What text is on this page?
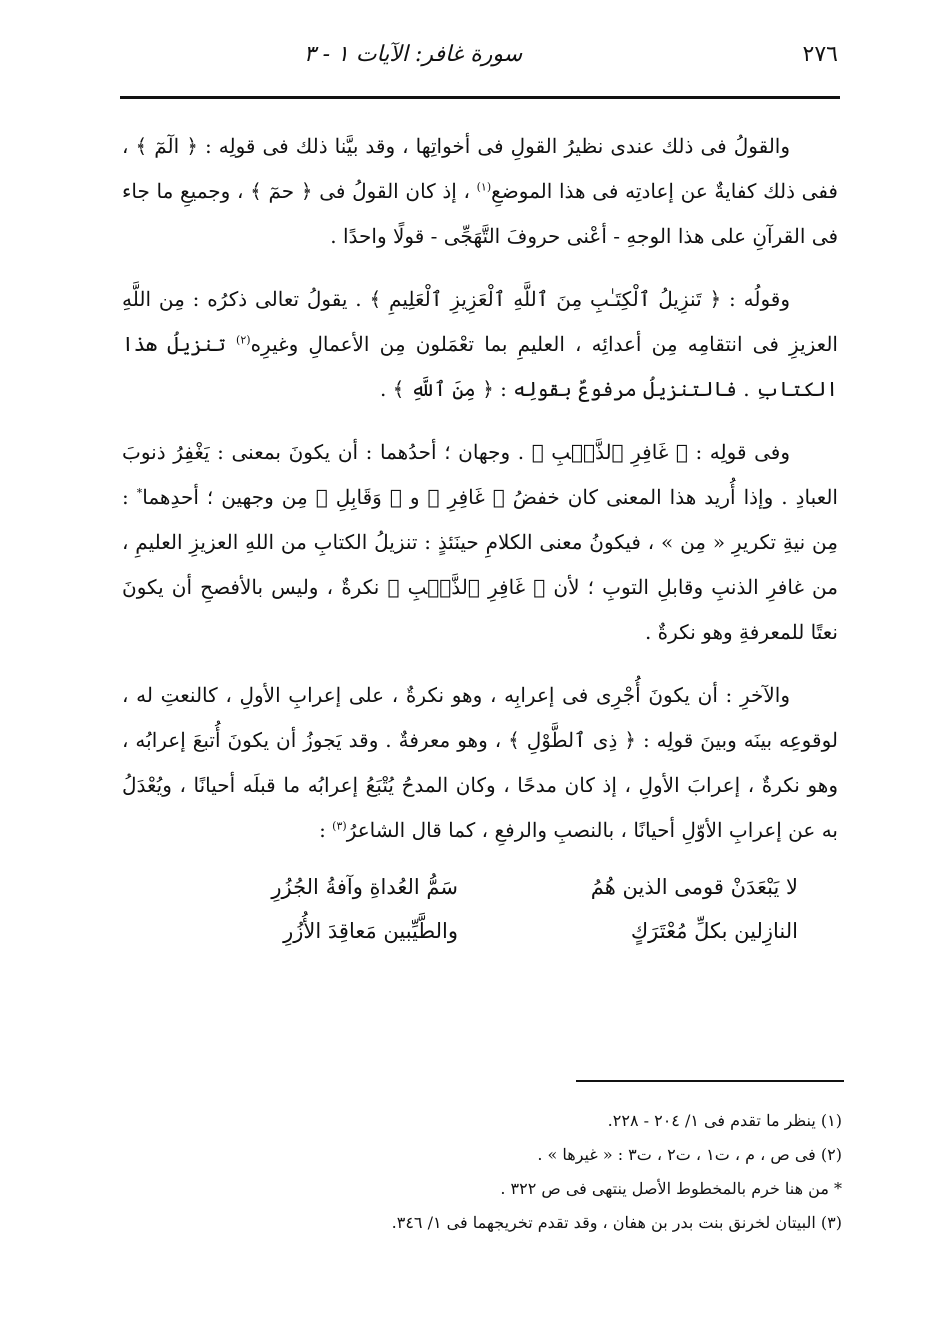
٢٧٦
سورة غافر: الآيات ١ - ٣

والقولُ فى ذلك عندى نظيرُ القولِ فى أخواتِها ، وقد بيَّنا ذلك فى قولِه : ﴿ الٓمٓ ﴾ ، ففى ذلك كفايةٌ عن إعادتِه فى هذا الموضعِ$^{(١)}$ ، إذ كان القولُ فى ﴿ حمٓ ﴾ ، وجميعِ ما جاء فى القرآنِ على هذا الوجهِ - أعْنى حروفَ التَّهَجِّى - قولًا واحدًا .

وقولُه : ﴿ تَنزِيلُ ٱلْكِتَـٰبِ مِنَ ٱللَّهِ ٱلْعَزِيزِ ٱلْعَلِيمِ ﴾ . يقولُ تعالى ذكرُه : مِن اللَّهِ العزيزِ فى انتقامِه مِن أعدائِه ، العليمِ بما تعْمَلون مِن الأعمالِ وغيرِه$^{(٢)}$ تنزيلُ هذا الكتابِ . فالتنزيلُ مرفوعٌ بقولِه : ﴿ مِنَ ٱللَّهِ ﴾ .

وفى قولِه : ﴿ غَافِرِ ٱلذَّنۢبِ ﴾ . وجهان ؛ أحدُهما : أن يكونَ بمعنى : يَغْفِرُ ذنوبَ العبادِ . وإذا أُريد هذا المعنى كان خفضُ ﴿ غَافِرِ ﴾ و ﴿ وَقَابِلِ ﴾ مِن وجهين ؛ أحدِهما* : مِن نيةِ تكريرِ « مِن » ، فيكونُ معنى الكلامِ حينَئذٍ : تنزيلُ الكتابِ من اللهِ العزيزِ العليمِ ، من غافرِ الذنبِ وقابلِ التوبِ ؛ لأن ﴿ غَافِرِ ٱلذَّنۢبِ ﴾ نكرةٌ ، وليس بالأفصحِ أن يكونَ نعتًا للمعرفةِ وهو نكرةٌ .

والآخرِ : أن يكونَ أُجْرِى فى إعرابِه ، وهو نكرةٌ ، على إعرابِ الأولِ ، كالنعتِ له ، لوقوعِه بينَه وبينَ قولِه : ﴿ ذِى ٱلطَّوْلِ ﴾ ، وهو معرفةٌ . وقد يَجوزُ أن يكونَ أُتبعَ إعرابُه ، وهو نكرةٌ ، إعرابَ الأولِ ، إذ كان مدحًا ، وكان المدحُ يُتْبَعُ إعرابُه ما قبلَه أحيانًا ، ويُعْدَلُ به عن إعرابِ الأوّلِ أحيانًا ، بالنصبِ والرفعِ ، كما قال الشاعرُ$^{(٣)}$ :

لا يَبْعَدَنْ قومى الذين هُمُ
سَمُّ العُداةِ وآفةُ الجُزُرِ
النازِلين بكلِّ مُعْتَرَكٍ
والطَّيِّبين مَعاقِدَ الأُزُرِ
(١) ينظر ما تقدم فى ١/ ٢٠٤ - ٢٢٨.
(٢) فى ص ، م ، ت١ ، ت٢ ، ت٣ : « غيرها » .
* من هنا خرم بالمخطوط الأصل ينتهى فى ص ٣٢٢ .
(٣) البيتان لخرنق بنت بدر بن هفان ، وقد تقدم تخريجهما فى ١/ ٣٤٦.
